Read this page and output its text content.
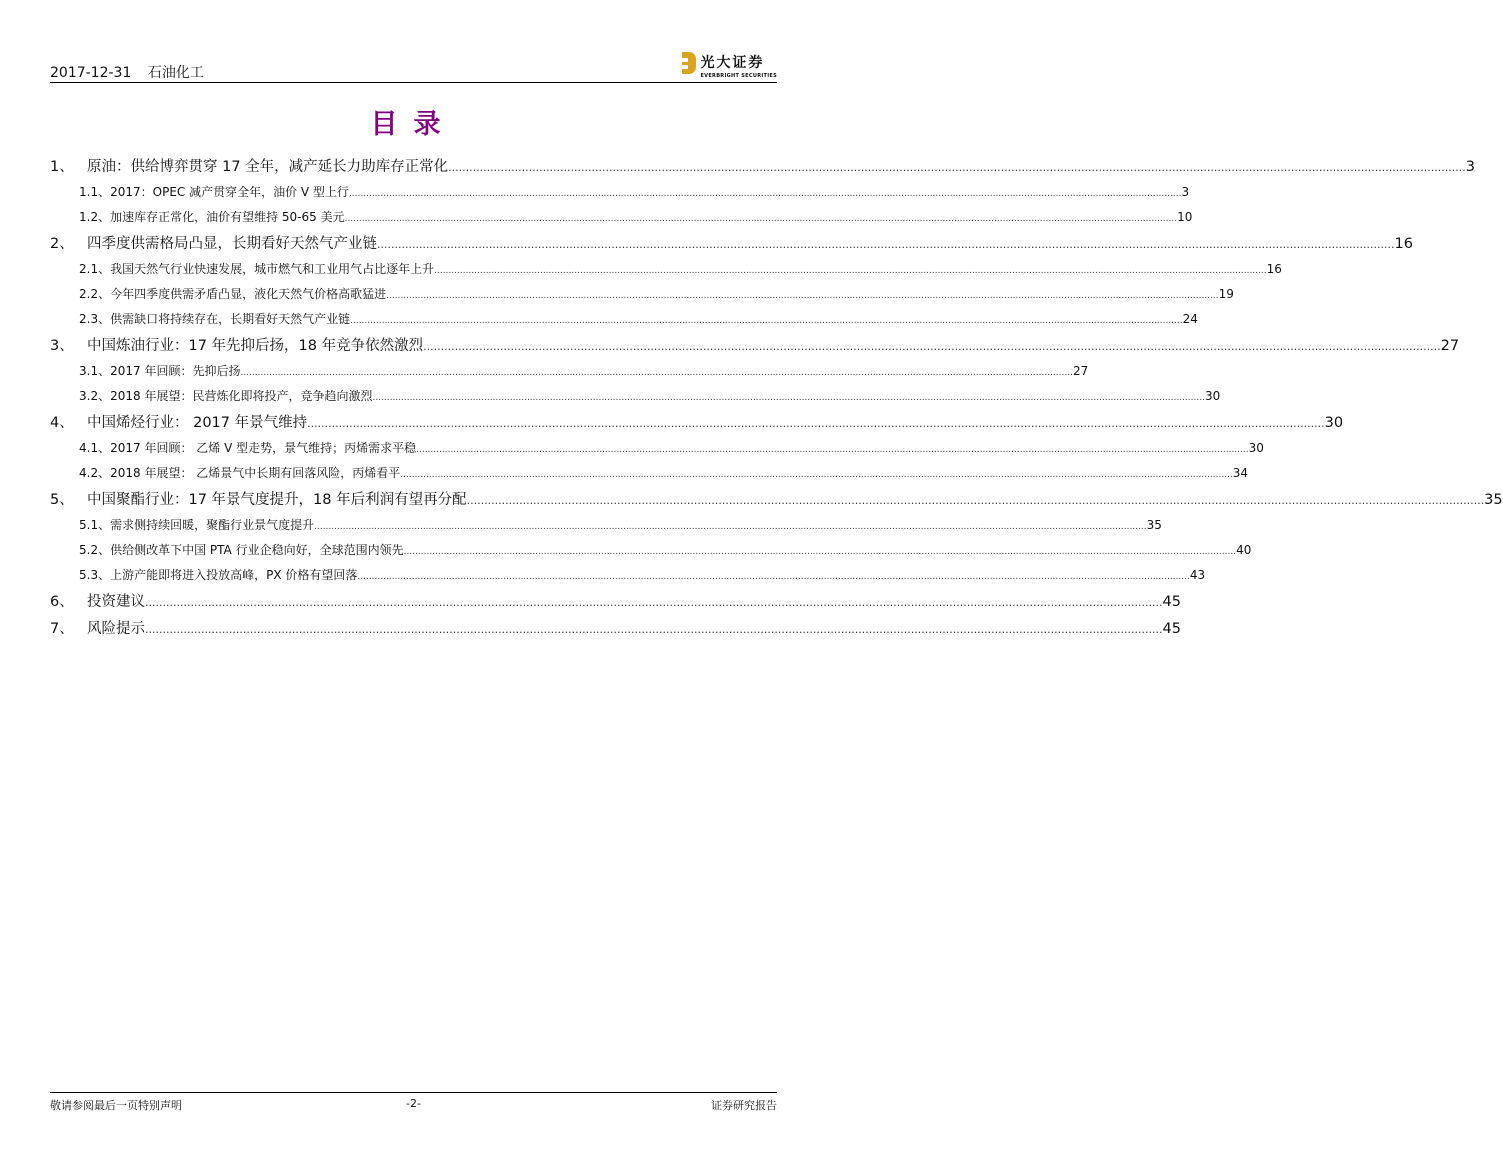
2017-12-31 石油化工
光大证券
EVERBRIGHT SECURITIES
目录
1、 原油：供给博弈贯穿 17 全年，减产延长力助库存正常化 .....	3
1.1、 2017：OPEC 减产贯穿全年，油价 V 型上行 .....	3
1.2、 加速库存正常化，油价有望维持 50-65 美元 .....	10
2、 四季度供需格局凸显，长期看好天然气产业链 .....	16
2.1、 我国天然气行业快速发展，城市燃气和工业用气占比逐年上升 .....	16
2.2、 今年四季度供需矛盾凸显，液化天然气价格高歌猛进 .....	19
2.3、 供需缺口将持续存在，长期看好天然气产业链 .....	24
3、 中国炼油行业：17 年先抑后扬，18 年竞争依然激烈 .....	27
3.1、 2017 年回顾：先抑后扬 .....	27
3.2、 2018 年展望：民营炼化即将投产，竞争趋向激烈 .....	30
4、 中国烯烃行业： 2017 年景气维持 .....	30
4.1、 2017 年回顾： 乙烯 V 型走势，景气维持；丙烯需求平稳 .....	30
4.2、 2018 年展望： 乙烯景气中长期有回落风险，丙烯看平 .....	34
5、 中国聚酯行业：17 年景气度提升，18 年后利润有望再分配 .....	35
5.1、 需求侧持续回暖，聚酯行业景气度提升 .....	35
5.2、 供给侧改革下中国 PTA 行业企稳向好，全球范围内领先 .....	40
5.3、 上游产能即将进入投放高峰，PX 价格有望回落 .....	43
6、 投资建议 .....	45
7、 风险提示 .....	45
敬请参阅最后一页特别声明	-2-	证券研究报告
